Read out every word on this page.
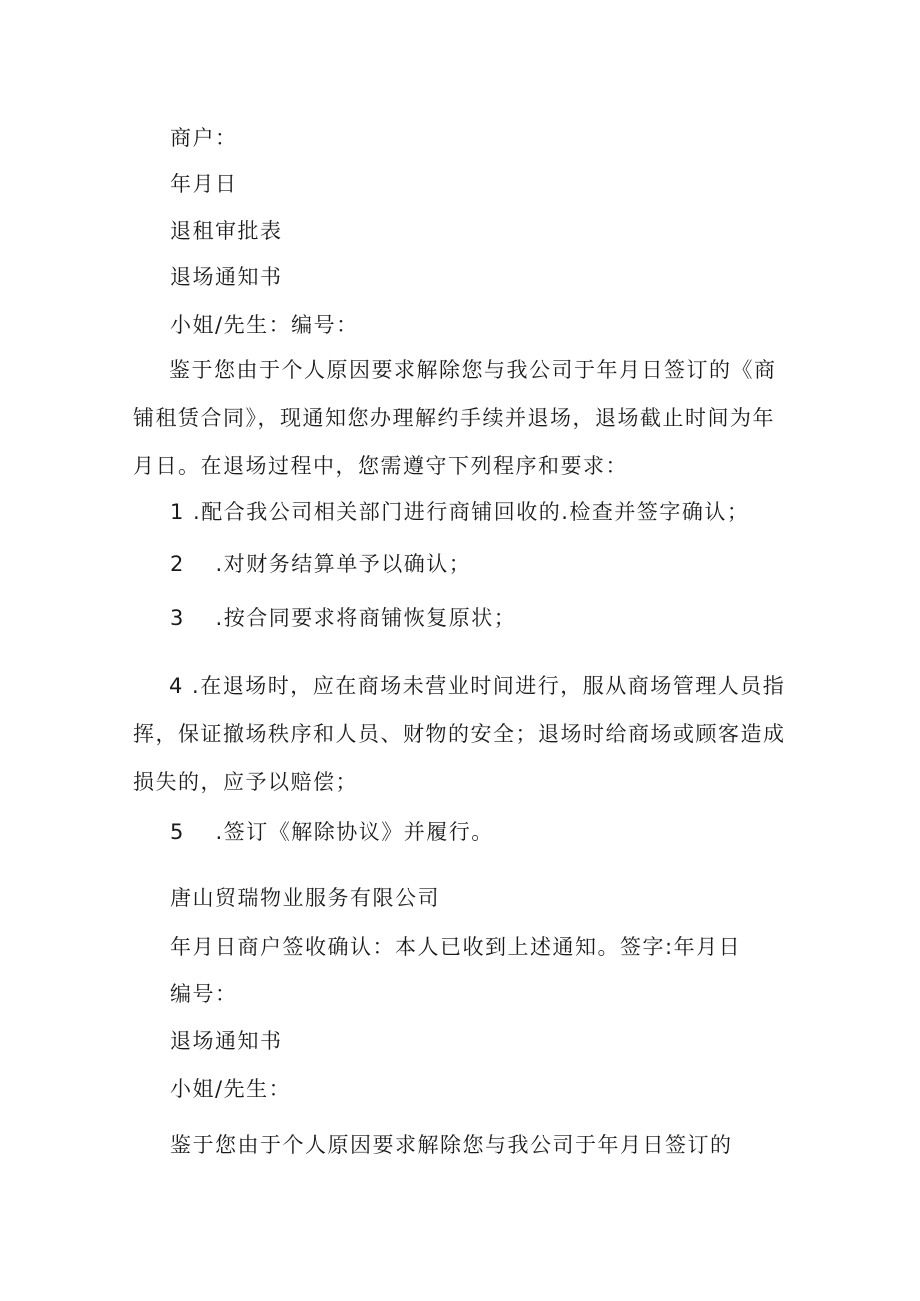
商户：
年月日
退租审批表
退场通知书
小姐/先生：编号：
鉴于您由于个人原因要求解除您与我公司于年月日签订的《商铺租赁合同》，现通知您办理解约手续并退场，退场截止时间为年月日。在退场过程中，您需遵守下列程序和要求：
1 .配合我公司相关部门进行商铺回收的.检查并签字确认；
2　 .对财务结算单予以确认；
3　 .按合同要求将商铺恢复原状；
4 .在退场时，应在商场未营业时间进行，服从商场管理人员指挥，保证撤场秩序和人员、财物的安全；退场时给商场或顾客造成损失的，应予以赔偿；
5　 .签订《解除协议》并履行。
唐山贸瑞物业服务有限公司
年月日商户签收确认：本人已收到上述通知。签字:年月日
编号：
退场通知书
小姐/先生：
鉴于您由于个人原因要求解除您与我公司于年月日签订的
